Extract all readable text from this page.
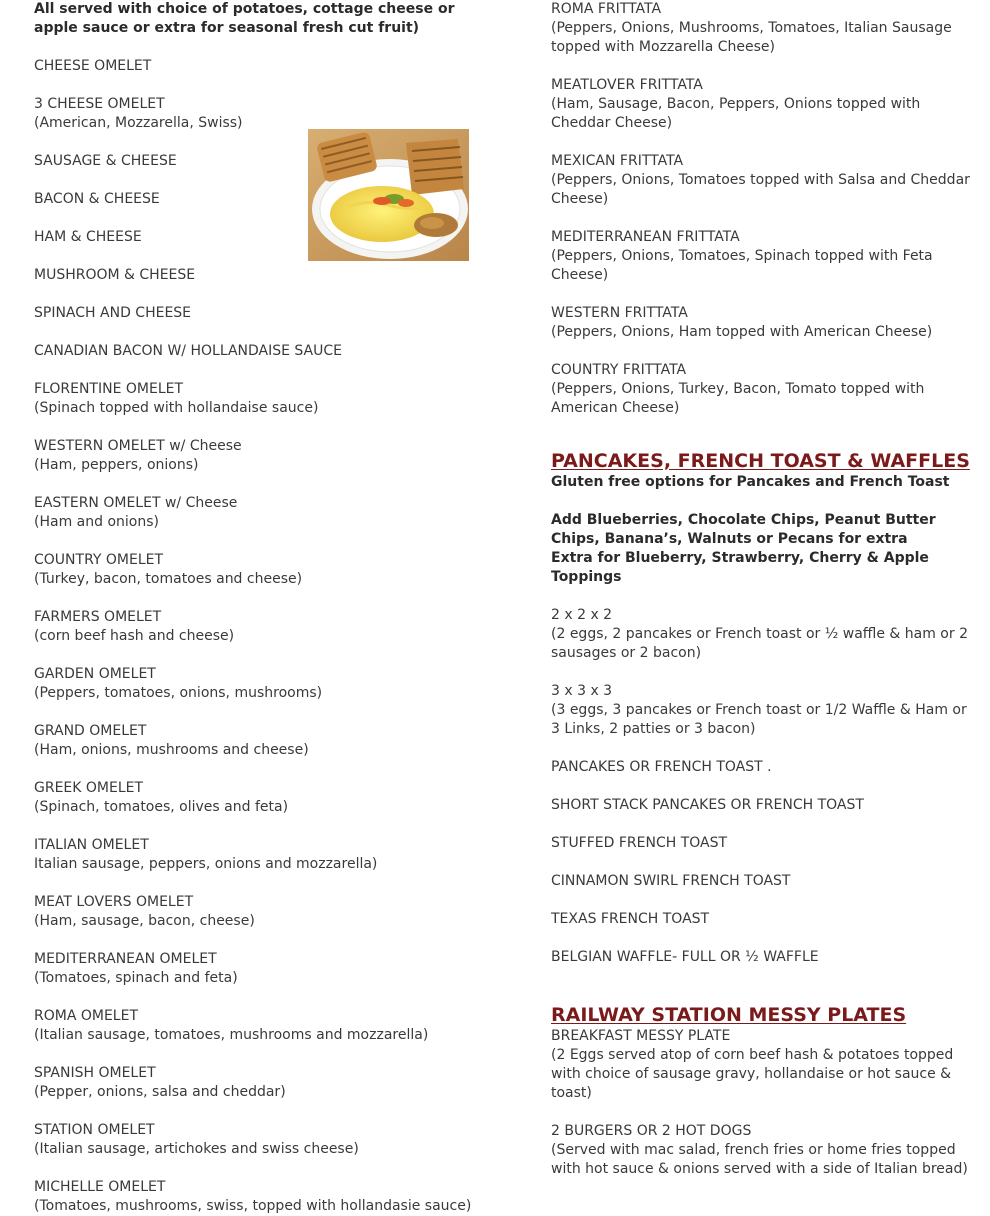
All served with choice of potatoes, cottage cheese or apple sauce or extra for seasonal fresh cut fruit)

CHEESE OMELET

3 CHEESE OMELET

(American, Mozzarella, Swiss)

SAUSAGE & CHEESE

BACON & CHEESE

HAM & CHEESE

MUSHROOM & CHEESE

SPINACH AND CHEESE

CANADIAN BACON W/ HOLLANDAISE SAUCE

FLORENTINE OMELET

(Spinach topped with hollandaise sauce)

WESTERN OMELET w/ Cheese

(Ham, peppers, onions)

EASTERN OMELET w/ Cheese

(Ham and onions)

COUNTRY OMELET

(Turkey, bacon, tomatoes and cheese)

FARMERS OMELET

(corn beef hash and cheese)

GARDEN OMELET

(Peppers, tomatoes, onions, mushrooms)

GRAND OMELET

(Ham, onions, mushrooms and cheese)

GREEK OMELET

(Spinach, tomatoes, olives and feta)

ITALIAN OMELET

Italian sausage, peppers, onions and mozzarella)

MEAT LOVERS OMELET

(Ham, sausage, bacon, cheese)

MEDITERRANEAN OMELET

(Tomatoes, spinach and feta)

ROMA OMELET

(Italian sausage, tomatoes, mushrooms and mozzarella)

SPANISH OMELET

(Pepper, onions, salsa and cheddar)

STATION OMELET

(Italian sausage, artichokes and swiss cheese)

MICHELLE OMELET

(Tomatoes, mushrooms, swiss, topped with hollandasie sauce)

ROMA FRITTATA

(Peppers, Onions, Mushrooms, Tomatoes, Italian Sausage topped with Mozzarella Cheese)

MEATLOVER FRITTATA

(Ham, Sausage, Bacon, Peppers, Onions topped with Cheddar Cheese)

MEXICAN FRITTATA

(Peppers, Onions, Tomatoes topped with Salsa and Cheddar Cheese)

MEDITERRANEAN FRITTATA

(Peppers, Onions, Tomatoes, Spinach topped with Feta Cheese)

WESTERN FRITTATA

(Peppers, Onions, Ham topped with American Cheese)

COUNTRY FRITTATA

(Peppers, Onions, Turkey, Bacon, Tomato topped with American Cheese)

PANCAKES, FRENCH TOAST & WAFFLES

Gluten free options for Pancakes and French Toast

Add Blueberries, Chocolate Chips, Peanut Butter Chips, Banana’s, Walnuts or Pecans for extra

Extra for Blueberry, Strawberry, Cherry & Apple Toppings

2 x 2 x 2

(2 eggs, 2 pancakes or French toast or ½ waffle & ham or 2 sausages or 2 bacon)

3 x 3 x 3

(3 eggs, 3 pancakes or French toast or 1/2 Waffle & Ham or 3 Links, 2 patties or 3 bacon)

PANCAKES OR FRENCH TOAST .

SHORT STACK PANCAKES OR FRENCH TOAST

STUFFED FRENCH TOAST

CINNAMON SWIRL FRENCH TOAST

TEXAS FRENCH TOAST

BELGIAN WAFFLE- FULL OR ½ WAFFLE

RAILWAY STATION MESSY PLATES

BREAKFAST MESSY PLATE

(2 Eggs served atop of corn beef hash & potatoes topped with choice of sausage gravy, hollandaise or hot sauce & toast)

2 BURGERS OR 2 HOT DOGS

(Served with mac salad, french fries or home fries topped with hot sauce & onions served with a side of Italian bread)
